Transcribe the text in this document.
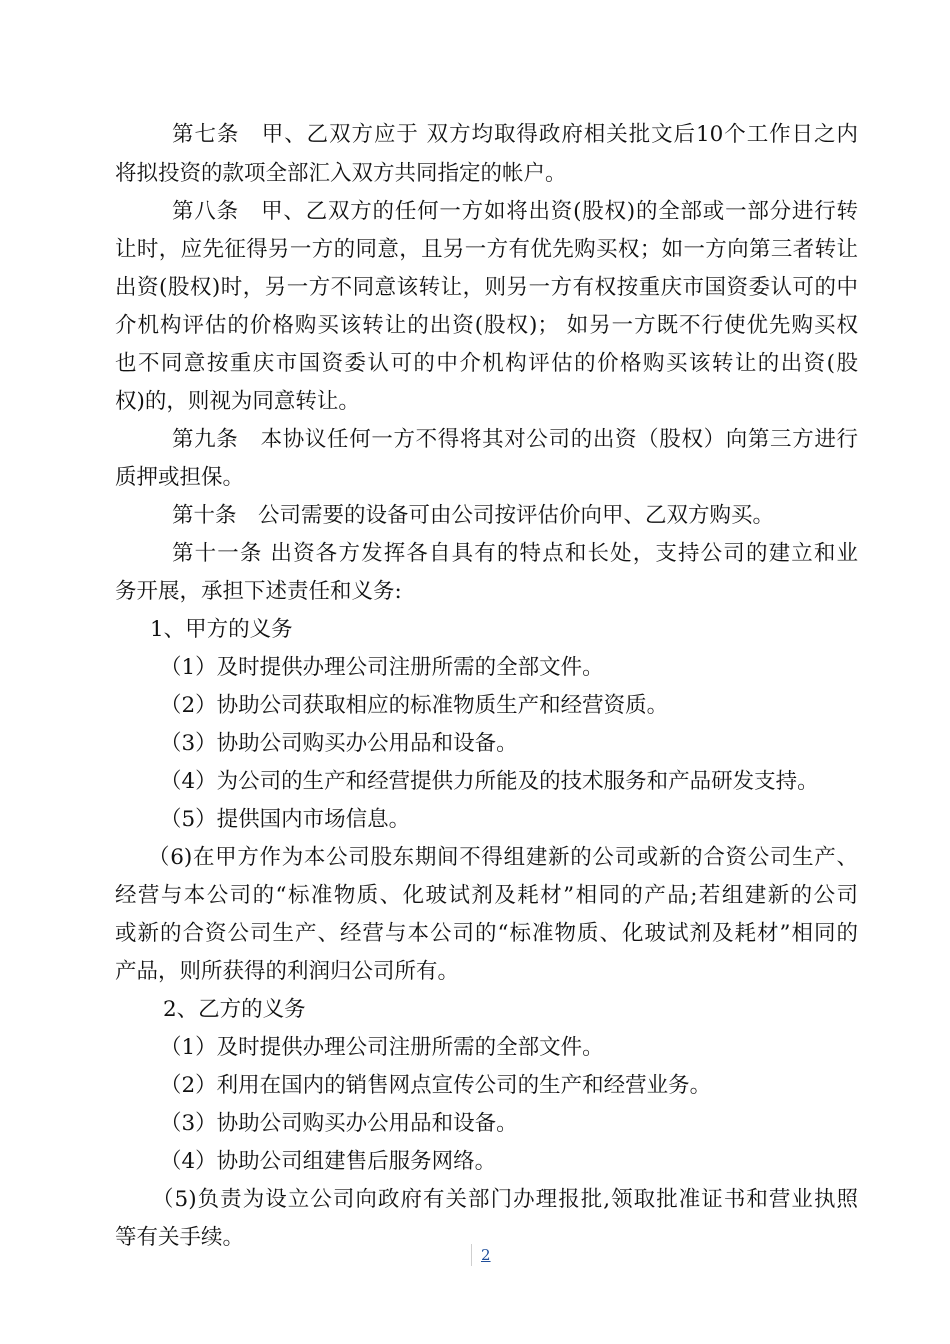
第七条　甲、乙双方应于 双方均取得政府相关批文后10个工作日之内
将拟投资的款项全部汇入双方共同指定的帐户。
第八条　甲、乙双方的任何一方如将出资(股权)的全部或一部分进行转
让时，应先征得另一方的同意，且另一方有优先购买权；如一方向第三者转让
出资(股权)时，另一方不同意该转让，则另一方有权按重庆市国资委认可的中
介机构评估的价格购买该转让的出资(股权)； 如另一方既不行使优先购买权
也不同意按重庆市国资委认可的中介机构评估的价格购买该转让的出资(股
权)的，则视为同意转让。
第九条　本协议任何一方不得将其对公司的出资（股权）向第三方进行
质押或担保。
第十条　公司需要的设备可由公司按评估价向甲、乙双方购买。
第十一条 出资各方发挥各自具有的特点和长处，支持公司的建立和业
务开展，承担下述责任和义务:
1、甲方的义务
（1）及时提供办理公司注册所需的全部文件。
（2）协助公司获取相应的标准物质生产和经营资质。
（3）协助公司购买办公用品和设备。
（4）为公司的生产和经营提供力所能及的技术服务和产品研发支持。
（5）提供国内市场信息。
（6)在甲方作为本公司股东期间不得组建新的公司或新的合资公司生产、
经营与本公司的“标准物质、化玻试剂及耗材”相同的产品;若组建新的公司
或新的合资公司生产、经营与本公司的“标准物质、化玻试剂及耗材”相同的
产品，则所获得的利润归公司所有。
2、乙方的义务
（1）及时提供办理公司注册所需的全部文件。
（2）利用在国内的销售网点宣传公司的生产和经营业务。
（3）协助公司购买办公用品和设备。
（4）协助公司组建售后服务网络。
（5)负责为设立公司向政府有关部门办理报批,领取批准证书和营业执照
等有关手续。
2
